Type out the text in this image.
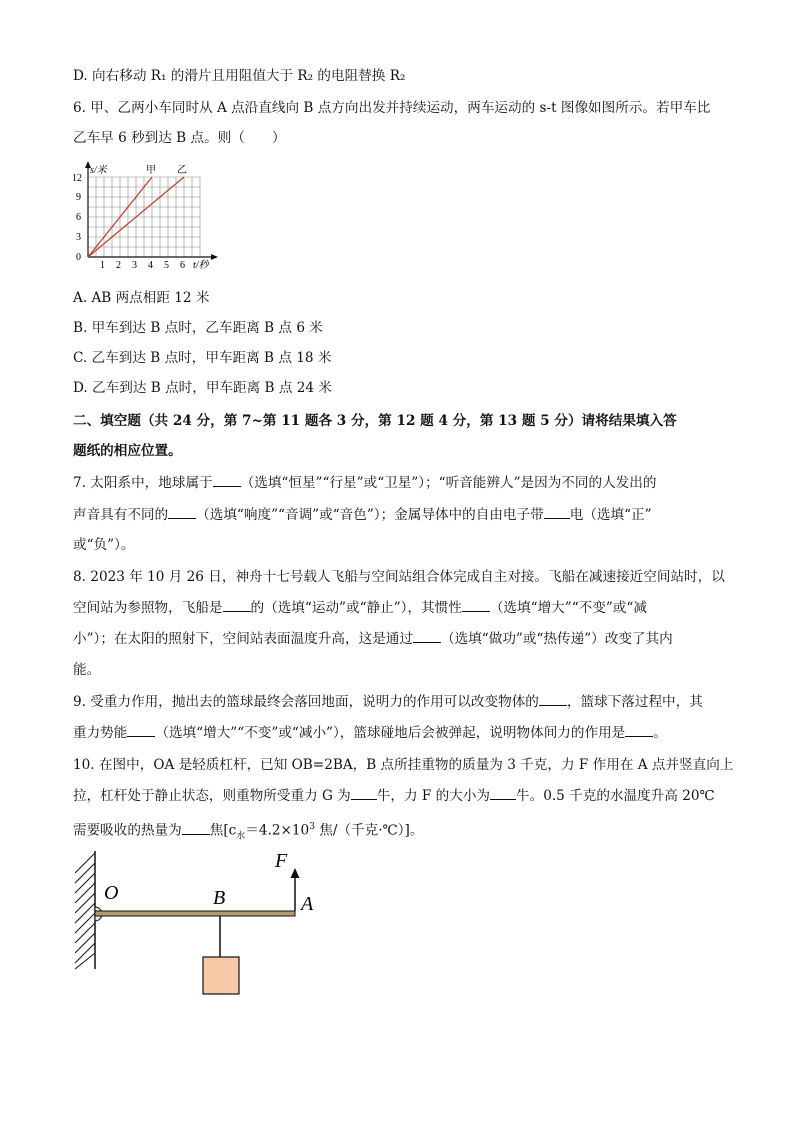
D. 向右移动 R₁ 的滑片且用阻值大于 R₂ 的电阻替换 R₂
6. 甲、乙两小车同时从 A 点沿直线向 B 点方向出发并持续运动，两车运动的 s-t 图像如图所示。若甲车比
乙车早 6 秒到达 B 点。则（　　）
s/米	甲 乙
12
9
6
3
0
1 2 3 4 5 6 t/秒
A. AB 两点相距 12 米
B. 甲车到达 B 点时，乙车距离 B 点 6 米
C. 乙车到达 B 点时，甲车距离 B 点 18 米
D. 乙车到达 B 点时，甲车距离 B 点 24 米
二、填空题（共 24 分，第 7~第 11 题各 3 分，第 12 题 4 分，第 13 题 5 分）请将结果填入答
题纸的相应位置。
7. 太阳系中，地球属于 （选填“恒星”“行星”或“卫星”）；“听音能辨人”是因为不同的人发出的
声音具有不同的 （选填“响度”“音调”或“音色”）；金属导体中的自由电子带 电（选填“正”
或“负”）。
8. 2023 年 10 月 26 日，神舟十七号载人飞船与空间站组合体完成自主对接。飞船在减速接近空间站时，以
空间站为参照物，飞船是 的（选填“运动”或“静止”），其惯性 （选填“增大”“不变”或“减
小”）；在太阳的照射下，空间站表面温度升高，这是通过 （选填“做功”或“热传递”）改变了其内
能。
9. 受重力作用，抛出去的篮球最终会落回地面，说明力的作用可以改变物体的 ，篮球下落过程中，其
重力势能 （选填“增大”“不变”或“减小”），篮球碰地后会被弹起，说明物体间力的作用是 。
10. 在图中，OA 是轻质杠杆，已知 OB=2BA，B 点所挂重物的质量为 3 千克，力 F 作用在 A 点并竖直向上
拉，杠杆处于静止状态，则重物所受重力 G 为 牛，力 F 的大小为 牛。0.5 千克的水温度升高 20℃
需要吸收的热量为 焦[$c_水=4.2\times 10^3$ 焦/（千克·℃）]。
F
O	B	A
